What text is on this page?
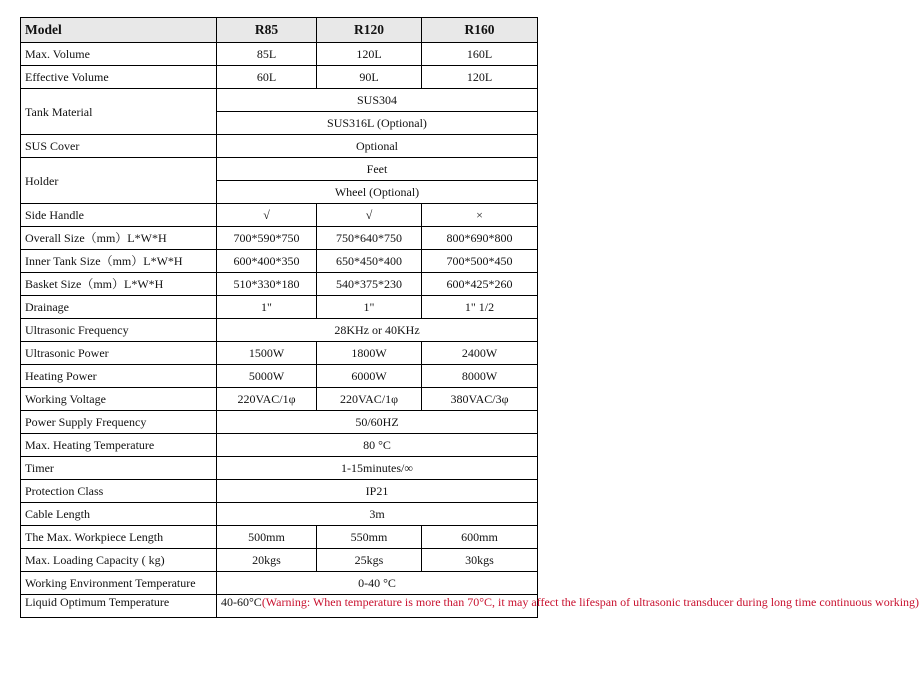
Model	R85	R120	R160
Max. Volume	85L	120L	160L
Effective Volume	60L	90L	120L
Tank Material	SUS304		
	SUS316L (Optional)		
SUS Cover	Optional		
Holder	Feet		
	Wheel (Optional)		
Side Handle	√	√	×
Overall Size（mm）L*W*H	700*590*750	750*640*750	800*690*800
Inner Tank Size（mm）L*W*H	600*400*350	650*450*400	700*500*450
Basket Size（mm）L*W*H	510*330*180	540*375*230	600*425*260
Drainage	1"	1"	1" 1/2
Ultrasonic Frequency	28KHz or 40KHz		
Ultrasonic Power	1500W	1800W	2400W
Heating Power	5000W	6000W	8000W
Working Voltage	220VAC/1φ	220VAC/1φ	380VAC/3φ
Power Supply Frequency	50/60HZ		
Max. Heating Temperature	80 °C		
Timer	1-15minutes/∞		
Protection Class	IP21		
Cable Length	3m		
The Max. Workpiece Length	500mm	550mm	600mm
Max. Loading Capacity ( kg)	20kgs	25kgs	30kgs
Working Environment Temperature	0-40 °C		
Liquid Optimum Temperature	40-60°C(Warning: When temperature is more than 70°C, it may affect the lifespan of ultrasonic transducer during long time continuous working)		
